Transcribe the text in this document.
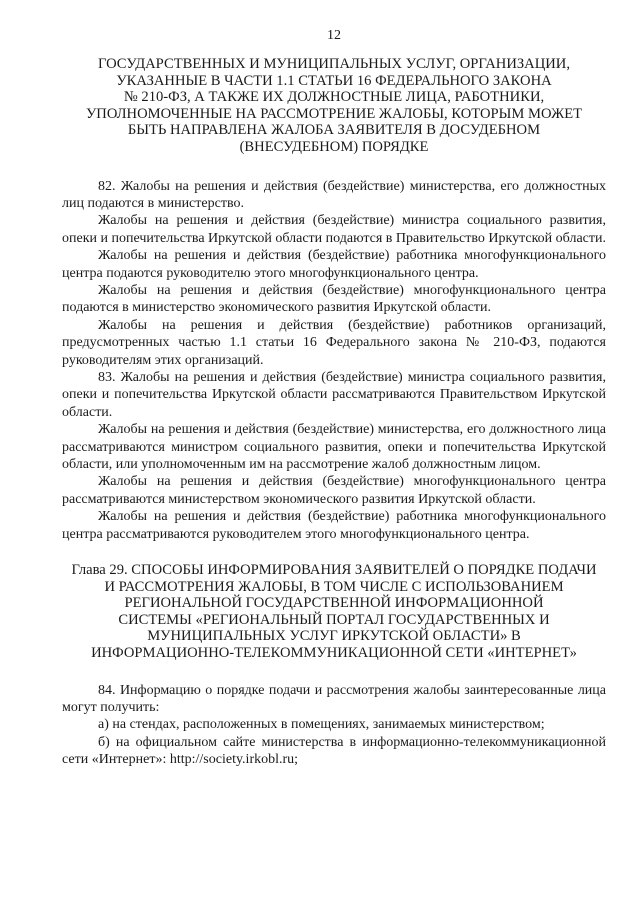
12
ГОСУДАРСТВЕННЫХ И МУНИЦИПАЛЬНЫХ УСЛУГ, ОРГАНИЗАЦИИ,
УКАЗАННЫЕ В ЧАСТИ 1.1 СТАТЬИ 16 ФЕДЕРАЛЬНОГО ЗАКОНА
№ 210-ФЗ, А ТАКЖЕ ИХ ДОЛЖНОСТНЫЕ ЛИЦА, РАБОТНИКИ,
УПОЛНОМОЧЕННЫЕ НА РАССМОТРЕНИЕ ЖАЛОБЫ, КОТОРЫМ МОЖЕТ
БЫТЬ НАПРАВЛЕНА ЖАЛОБА ЗАЯВИТЕЛЯ В ДОСУДЕБНОМ
(ВНЕСУДЕБНОМ) ПОРЯДКЕ

82. Жалобы на решения и действия (бездействие) министерства, его должностных лиц подаются в министерство.

Жалобы на решения и действия (бездействие) министра социального развития, опеки и попечительства Иркутской области подаются в Правительство Иркутской области.

Жалобы на решения и действия (бездействие) работника многофункционального центра подаются руководителю этого многофункционального центра.

Жалобы на решения и действия (бездействие) многофункционального центра подаются в министерство экономического развития Иркутской области.

Жалобы на решения и действия (бездействие) работников организаций, предусмотренных частью 1.1 статьи 16 Федерального закона № 210-ФЗ, подаются руководителям этих организаций.

83. Жалобы на решения и действия (бездействие) министра социального развития, опеки и попечительства Иркутской области рассматриваются Правительством Иркутской области.

Жалобы на решения и действия (бездействие) министерства, его должностного лица рассматриваются министром социального развития, опеки и попечительства Иркутской области, или уполномоченным им на рассмотрение жалоб должностным лицом.

Жалобы на решения и действия (бездействие) многофункционального центра рассматриваются министерством экономического развития Иркутской области.

Жалобы на решения и действия (бездействие) работника многофункционального центра рассматриваются руководителем этого многофункционального центра.

Глава 29. СПОСОБЫ ИНФОРМИРОВАНИЯ ЗАЯВИТЕЛЕЙ О ПОРЯДКЕ ПОДАЧИ
И РАССМОТРЕНИЯ ЖАЛОБЫ, В ТОМ ЧИСЛЕ С ИСПОЛЬЗОВАНИЕМ
РЕГИОНАЛЬНОЙ ГОСУДАРСТВЕННОЙ ИНФОРМАЦИОННОЙ
СИСТЕМЫ «РЕГИОНАЛЬНЫЙ ПОРТАЛ ГОСУДАРСТВЕННЫХ И
МУНИЦИПАЛЬНЫХ УСЛУГ ИРКУТСКОЙ ОБЛАСТИ» В
ИНФОРМАЦИОННО-ТЕЛЕКОММУНИКАЦИОННОЙ СЕТИ «ИНТЕРНЕТ»

84. Информацию о порядке подачи и рассмотрения жалобы заинтересованные лица могут получить:

а) на стендах, расположенных в помещениях, занимаемых министерством;

б) на официальном сайте министерства в информационно-телекоммуникационной сети «Интернет»: http://society.irkobl.ru;
